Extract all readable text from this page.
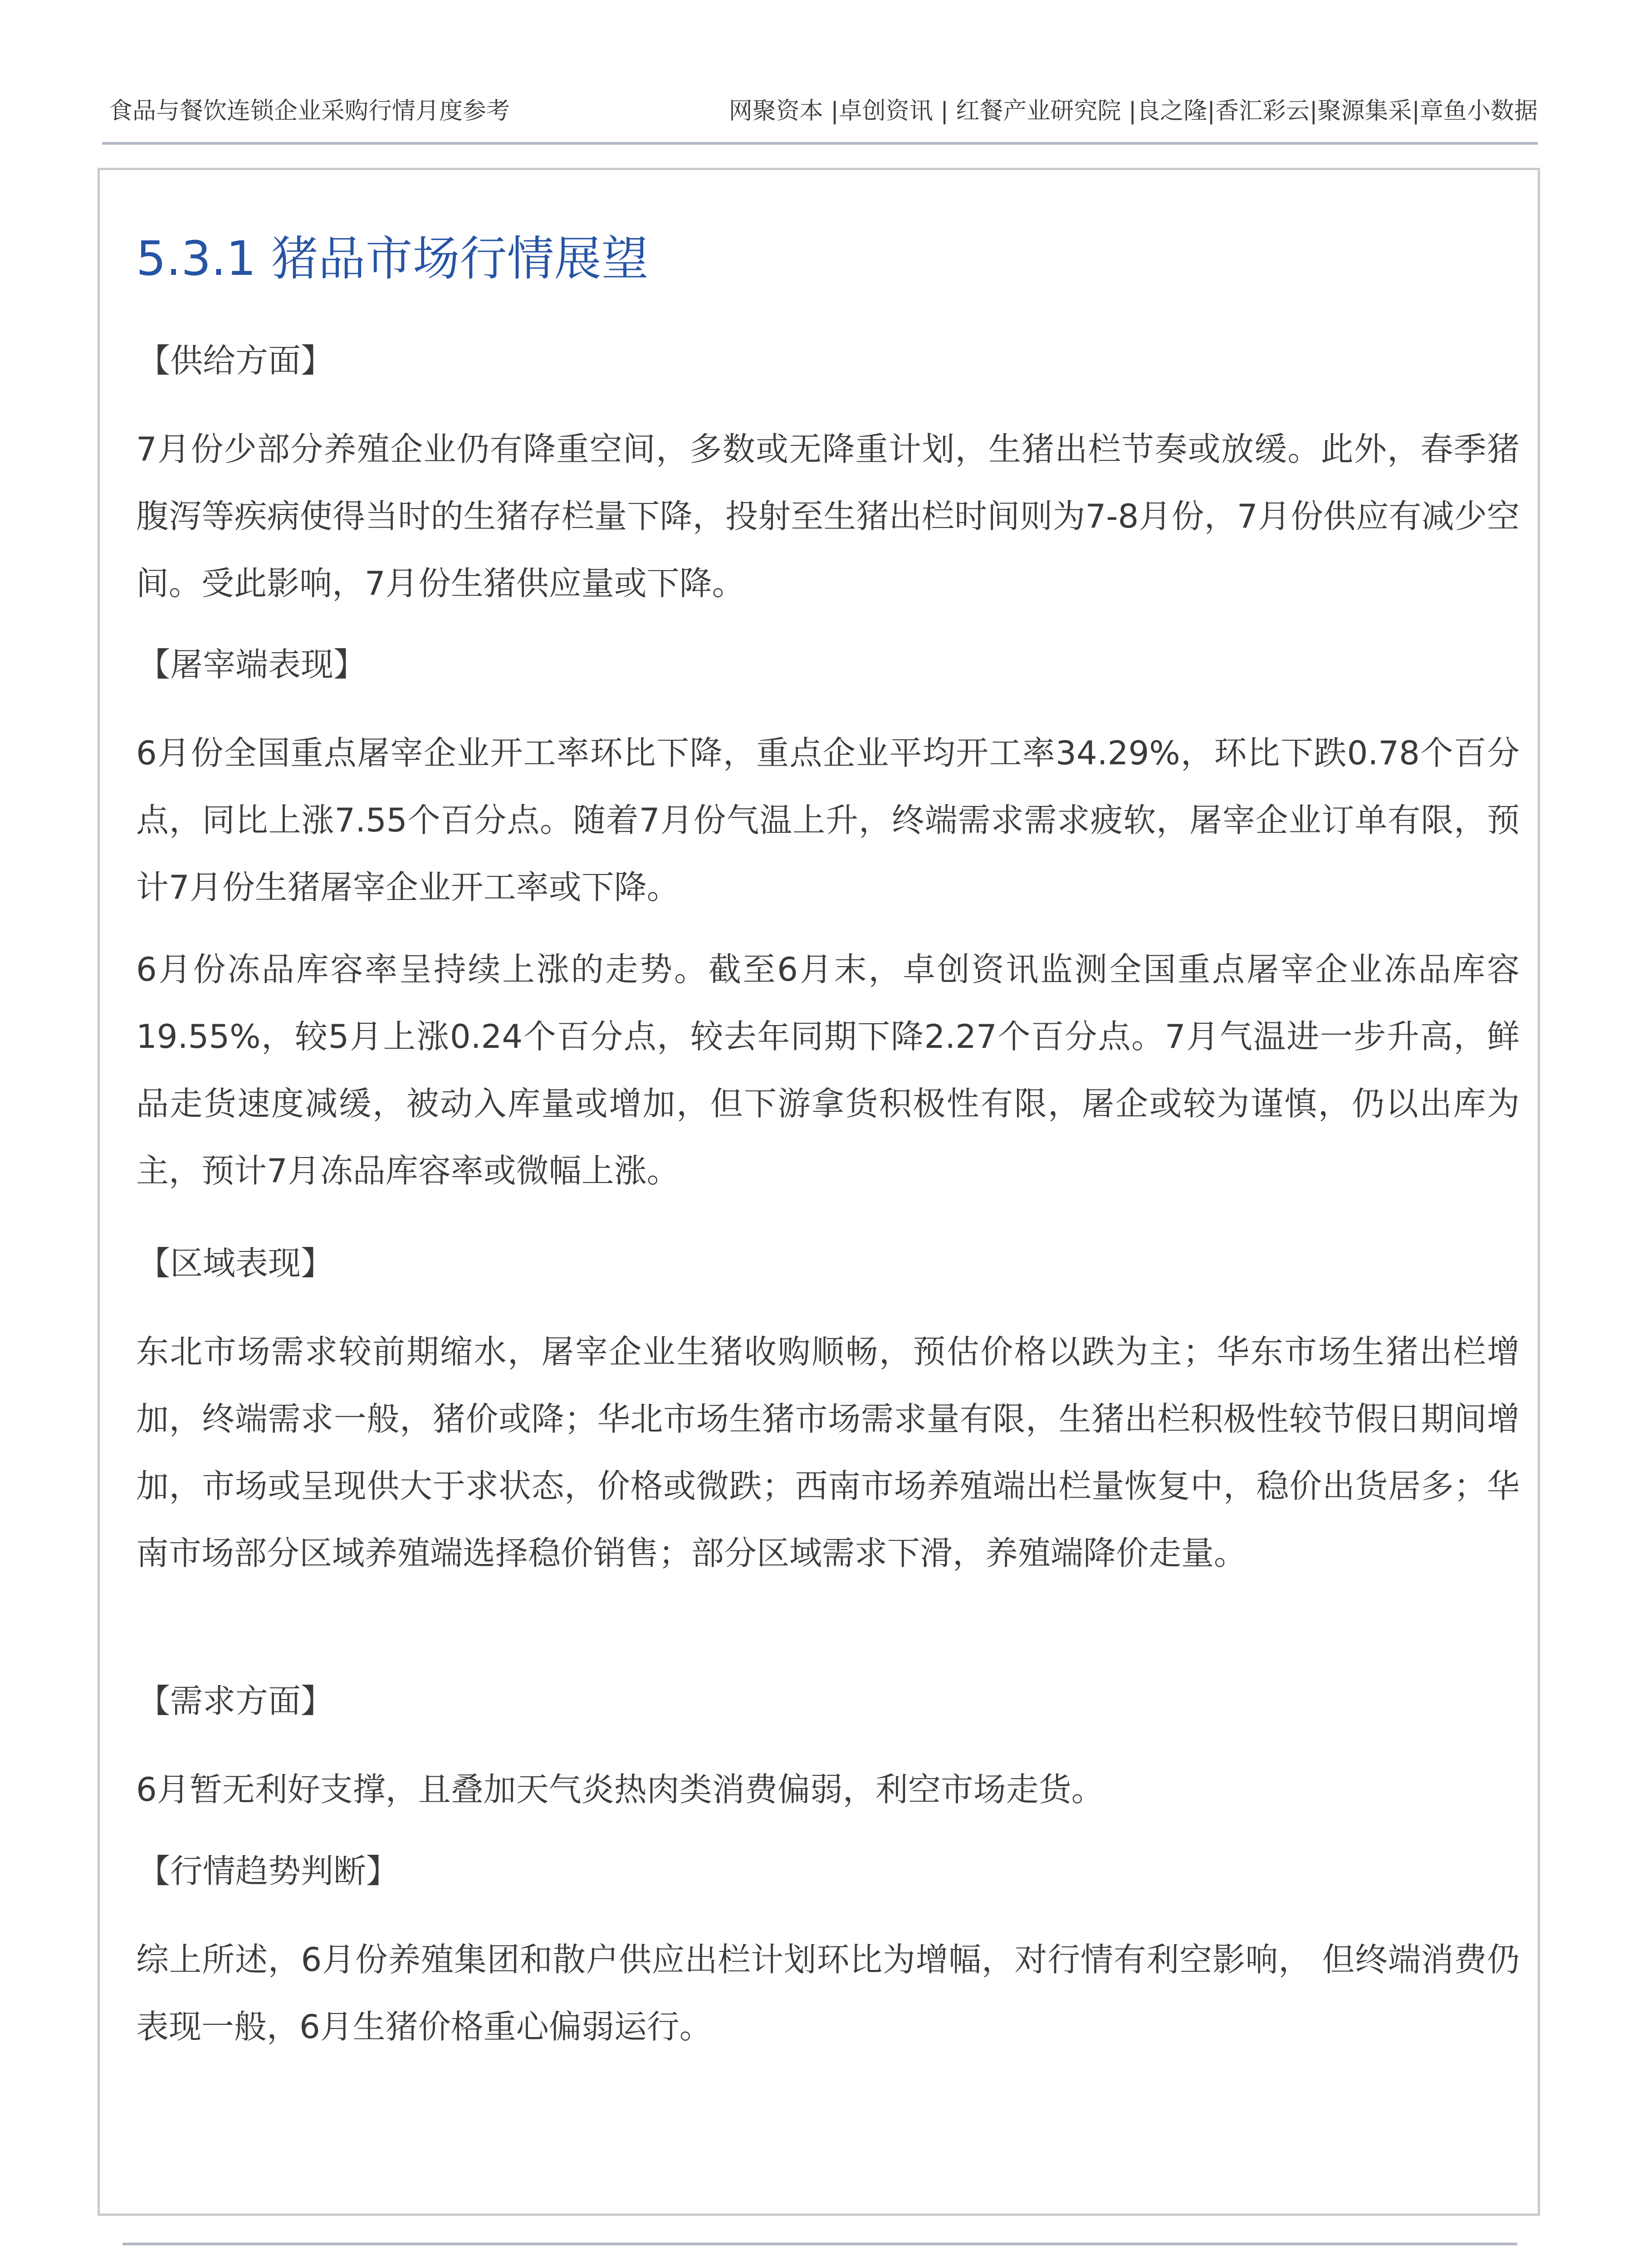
食品与餐饮连锁企业采购行情月度参考	网聚资本 |卓创资讯 | 红餐产业研究院 |良之隆|香汇彩云|聚源集采|章鱼小数据
5.3.1 猪品市场行情展望
【供给方面】

7月份少部分养殖企业仍有降重空间，多数或无降重计划，生猪出栏节奏或放缓。此外，春季猪腹泻等疾病使得当时的生猪存栏量下降，投射至生猪出栏时间则为7-8月份，7月份供应有减少空间。受此影响，7月份生猪供应量或下降。

【屠宰端表现】

6月份全国重点屠宰企业开工率环比下降，重点企业平均开工率34.29%，环比下跌0.78个百分点，同比上涨7.55个百分点。随着7月份气温上升，终端需求需求疲软，屠宰企业订单有限，预计7月份生猪屠宰企业开工率或下降。

6月份冻品库容率呈持续上涨的走势。截至6月末，卓创资讯监测全国重点屠宰企业冻品库容19.55%，较5月上涨0.24个百分点，较去年同期下降2.27个百分点。7月气温进一步升高，鲜品走货速度减缓，被动入库量或增加，但下游拿货积极性有限，屠企或较为谨慎，仍以出库为主，预计7月冻品库容率或微幅上涨。

【区域表现】

东北市场需求较前期缩水，屠宰企业生猪收购顺畅，预估价格以跌为主；华东市场生猪出栏增加，终端需求一般，猪价或降；华北市场生猪市场需求量有限，生猪出栏积极性较节假日期间增加，市场或呈现供大于求状态，价格或微跌；西南市场养殖端出栏量恢复中，稳价出货居多；华南市场部分区域养殖端选择稳价销售；部分区域需求下滑，养殖端降价走量。

【需求方面】

6月暂无利好支撑，且叠加天气炎热肉类消费偏弱，利空市场走货。

【行情趋势判断】

综上所述，6月份养殖集团和散户供应出栏计划环比为增幅，对行情有利空影响， 但终端消费仍表现一般，6月生猪价格重心偏弱运行。
